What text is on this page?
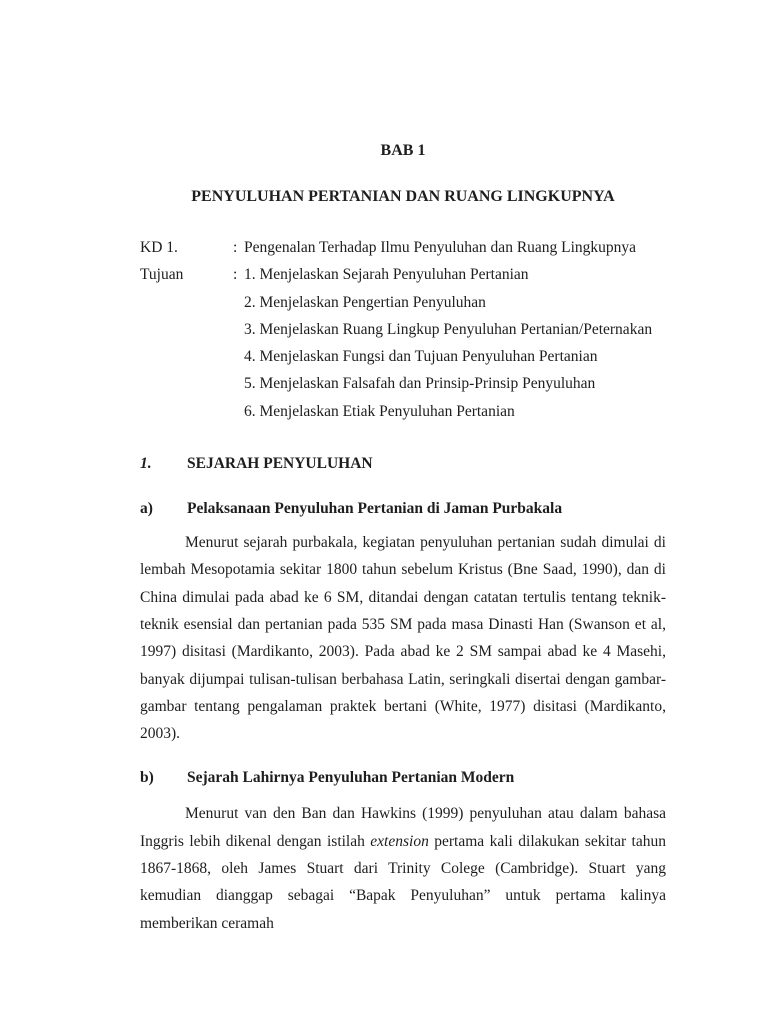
BAB 1
PENYULUHAN PERTANIAN DAN RUANG LINGKUPNYA
KD 1.	: Pengenalan Terhadap Ilmu Penyuluhan dan Ruang Lingkupnya
Tujuan	: 1. Menjelaskan Sejarah Penyuluhan Pertanian
2. Menjelaskan Pengertian Penyuluhan
3. Menjelaskan Ruang Lingkup Penyuluhan Pertanian/Peternakan
4. Menjelaskan Fungsi dan Tujuan Penyuluhan Pertanian
5. Menjelaskan Falsafah dan Prinsip-Prinsip Penyuluhan
6. Menjelaskan Etiak Penyuluhan Pertanian
1.	SEJARAH PENYULUHAN
a)	Pelaksanaan Penyuluhan Pertanian di Jaman Purbakala

Menurut sejarah purbakala, kegiatan penyuluhan pertanian sudah dimulai di lembah Mesopotamia sekitar 1800 tahun sebelum Kristus (Bne Saad, 1990), dan di China dimulai pada abad ke 6 SM, ditandai dengan catatan tertulis tentang teknik-teknik esensial dan pertanian pada 535 SM pada masa Dinasti Han (Swanson et al, 1997) disitasi (Mardikanto, 2003). Pada abad ke 2 SM sampai abad ke 4 Masehi, banyak dijumpai tulisan-tulisan berbahasa Latin, seringkali disertai dengan gambar-gambar tentang pengalaman praktek bertani (White, 1977) disitasi (Mardikanto, 2003).

b)	Sejarah Lahirnya Penyuluhan Pertanian Modern

Menurut van den Ban dan Hawkins (1999) penyuluhan atau dalam bahasa Inggris lebih dikenal dengan istilah extension pertama kali dilakukan sekitar tahun 1867-1868, oleh James Stuart dari Trinity Colege (Cambridge). Stuart yang kemudian dianggap sebagai “Bapak Penyuluhan” untuk pertama kalinya memberikan ceramah
